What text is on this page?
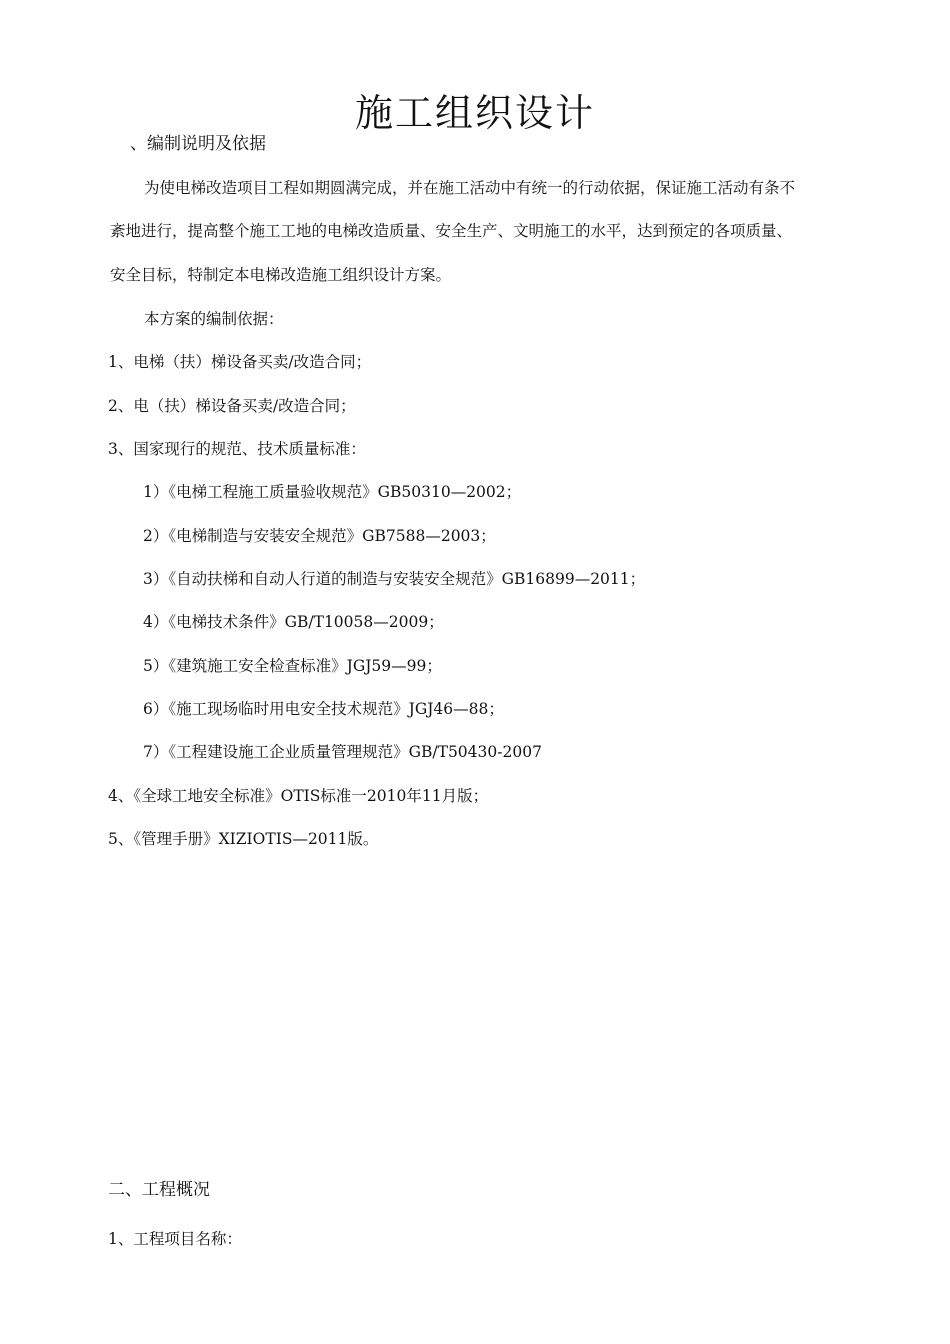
施工组织设计
、编制说明及依据
为使电梯改造项目工程如期圆满完成，并在施工活动中有统一的行动依据，保证施工活动有条不
紊地进行，提高整个施工工地的电梯改造质量、安全生产、文明施工的水平，达到预定的各项质量、
安全目标，特制定本电梯改造施工组织设计方案。
本方案的编制依据：
1、电梯（扶）梯设备买卖/改造合同；
2、电（扶）梯设备买卖/改造合同；
3、国家现行的规范、技术质量标准：
1）《电梯工程施工质量验收规范》GB50310—2002；
2）《电梯制造与安装安全规范》GB7588—2003；
3）《自动扶梯和自动人行道的制造与安装安全规范》GB16899—2011；
4）《电梯技术条件》GB/T10058—2009；
5）《建筑施工安全检查标准》JGJ59—99；
6）《施工现场临时用电安全技术规范》JGJ46—88；
7）《工程建设施工企业质量管理规范》GB/T50430-2007
4、《全球工地安全标准》OTIS标准一2010年11月版；
5、《管理手册》XIZIOTIS—2011版。
二、工程概况
1、工程项目名称：
